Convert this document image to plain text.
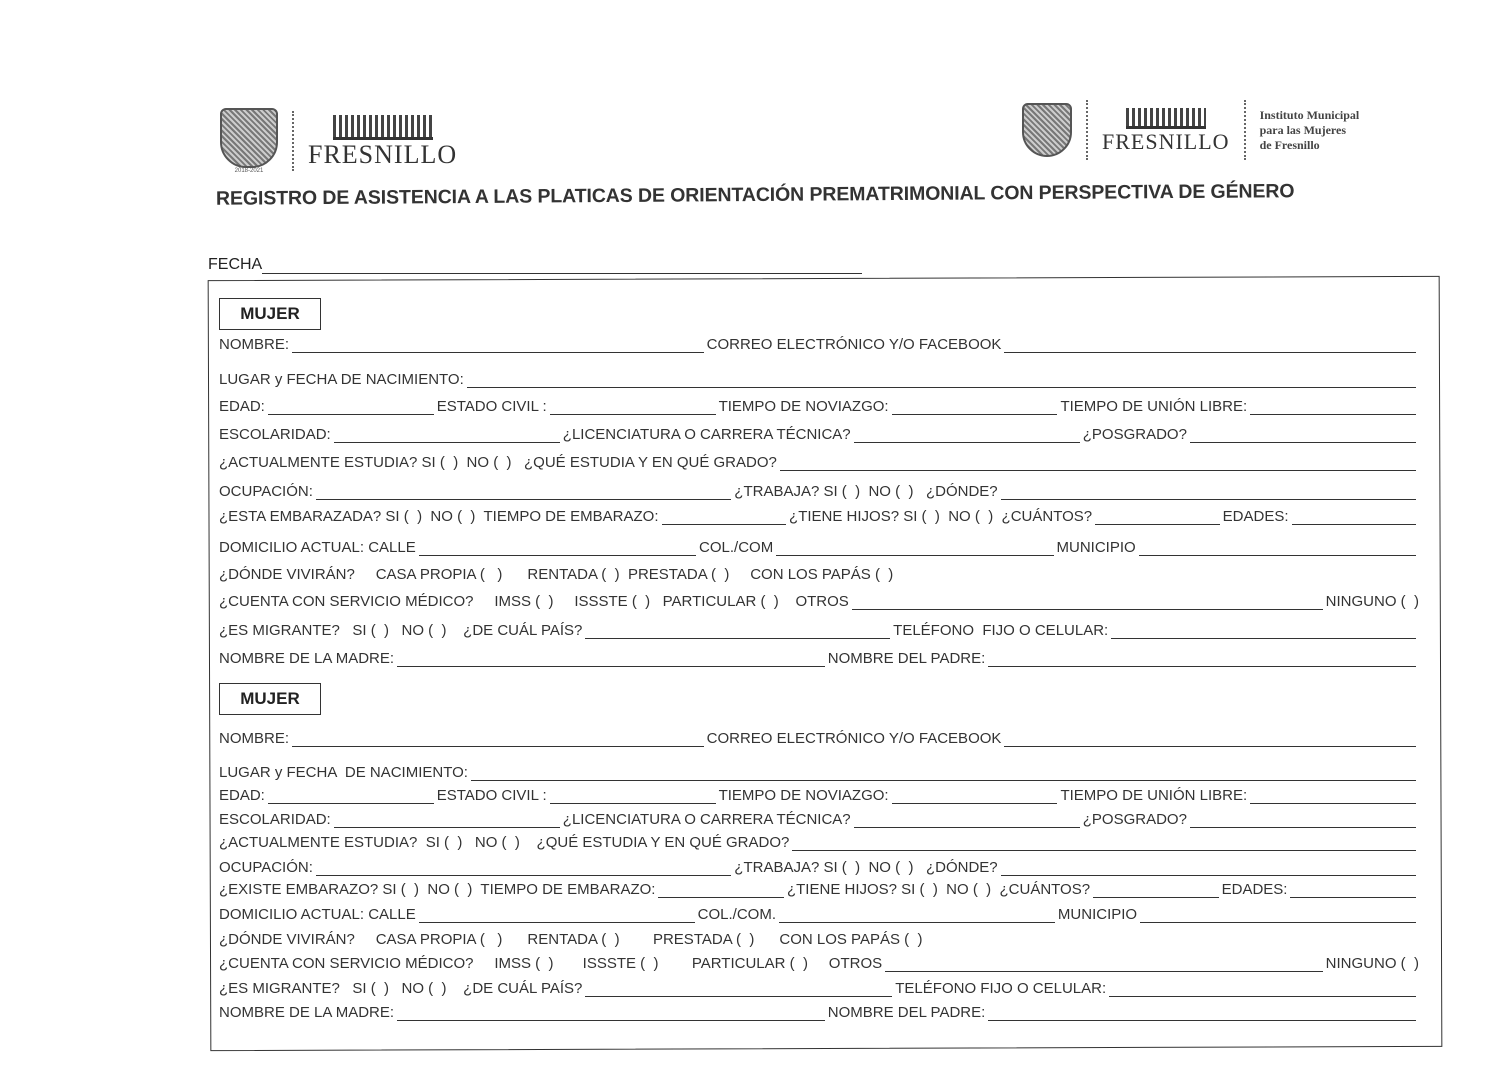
2018-2021
FRESNILLO	FRESNILLO
Instituto Municipal
para las Mujeres
de Fresnillo
REGISTRO DE ASISTENCIA A LAS PLATICAS DE ORIENTACIÓN PREMATRIMONIAL CON PERSPECTIVA DE GÉNERO
FECHA
MUJER
NOMBRE:	CORREO ELECTRÓNICO Y/O FACEBOOK
LUGAR y FECHA DE NACIMIENTO:
EDAD:	ESTADO CIVIL :	TIEMPO DE NOVIAZGO:	TIEMPO DE UNIÓN LIBRE:
ESCOLARIDAD:	¿LICENCIATURA O CARRERA TÉCNICA?	¿POSGRADO?
¿ACTUALMENTE ESTUDIA? SI (  )  NO (  )   ¿QUÉ ESTUDIA Y EN QUÉ GRADO?
OCUPACIÓN:	¿TRABAJA? SI (  )  NO (  )   ¿DÓNDE?
¿ESTA EMBARAZADA? SI (  )  NO (  )  TIEMPO DE EMBARAZO:	¿TIENE HIJOS? SI (  )  NO (  )  ¿CUÁNTOS?	EDADES:
DOMICILIO ACTUAL: CALLE	COL./COM	MUNICIPIO
¿DÓNDE VIVIRÁN?     CASA PROPIA (   )      RENTADA (  )  PRESTADA (  )     CON LOS PAPÁS (  )
¿CUENTA CON SERVICIO MÉDICO?     IMSS (  )     ISSSTE (  )   PARTICULAR (  )    OTROS	NINGUNO (  )
¿ES MIGRANTE?   SI (  )   NO (  )    ¿DE CUÁL PAÍS?	TELÉFONO  FIJO O CELULAR:
NOMBRE DE LA MADRE:	NOMBRE DEL PADRE:
MUJER
NOMBRE:	CORREO ELECTRÓNICO Y/O FACEBOOK
LUGAR y FECHA  DE NACIMIENTO:
EDAD:	ESTADO CIVIL :	TIEMPO DE NOVIAZGO:	TIEMPO DE UNIÓN LIBRE:
ESCOLARIDAD:	¿LICENCIATURA O CARRERA TÉCNICA?	¿POSGRADO?
¿ACTUALMENTE ESTUDIA?  SI (  )   NO (  )    ¿QUÉ ESTUDIA Y EN QUÉ GRADO?
OCUPACIÓN:	¿TRABAJA? SI (  )  NO (  )   ¿DÓNDE?
¿EXISTE EMBARAZO? SI (  )  NO (  )  TIEMPO DE EMBARAZO:	¿TIENE HIJOS? SI (  )  NO (  )  ¿CUÁNTOS?	EDADES:
DOMICILIO ACTUAL: CALLE	COL./COM.	MUNICIPIO
¿DÓNDE VIVIRÁN?     CASA PROPIA (   )      RENTADA (  )        PRESTADA (  )      CON LOS PAPÁS (  )
¿CUENTA CON SERVICIO MÉDICO?     IMSS (  )       ISSSTE (  )        PARTICULAR (  )     OTROS	NINGUNO (  )
¿ES MIGRANTE?   SI (  )   NO (  )    ¿DE CUÁL PAÍS?	TELÉFONO FIJO O CELULAR:
NOMBRE DE LA MADRE:	NOMBRE DEL PADRE:
